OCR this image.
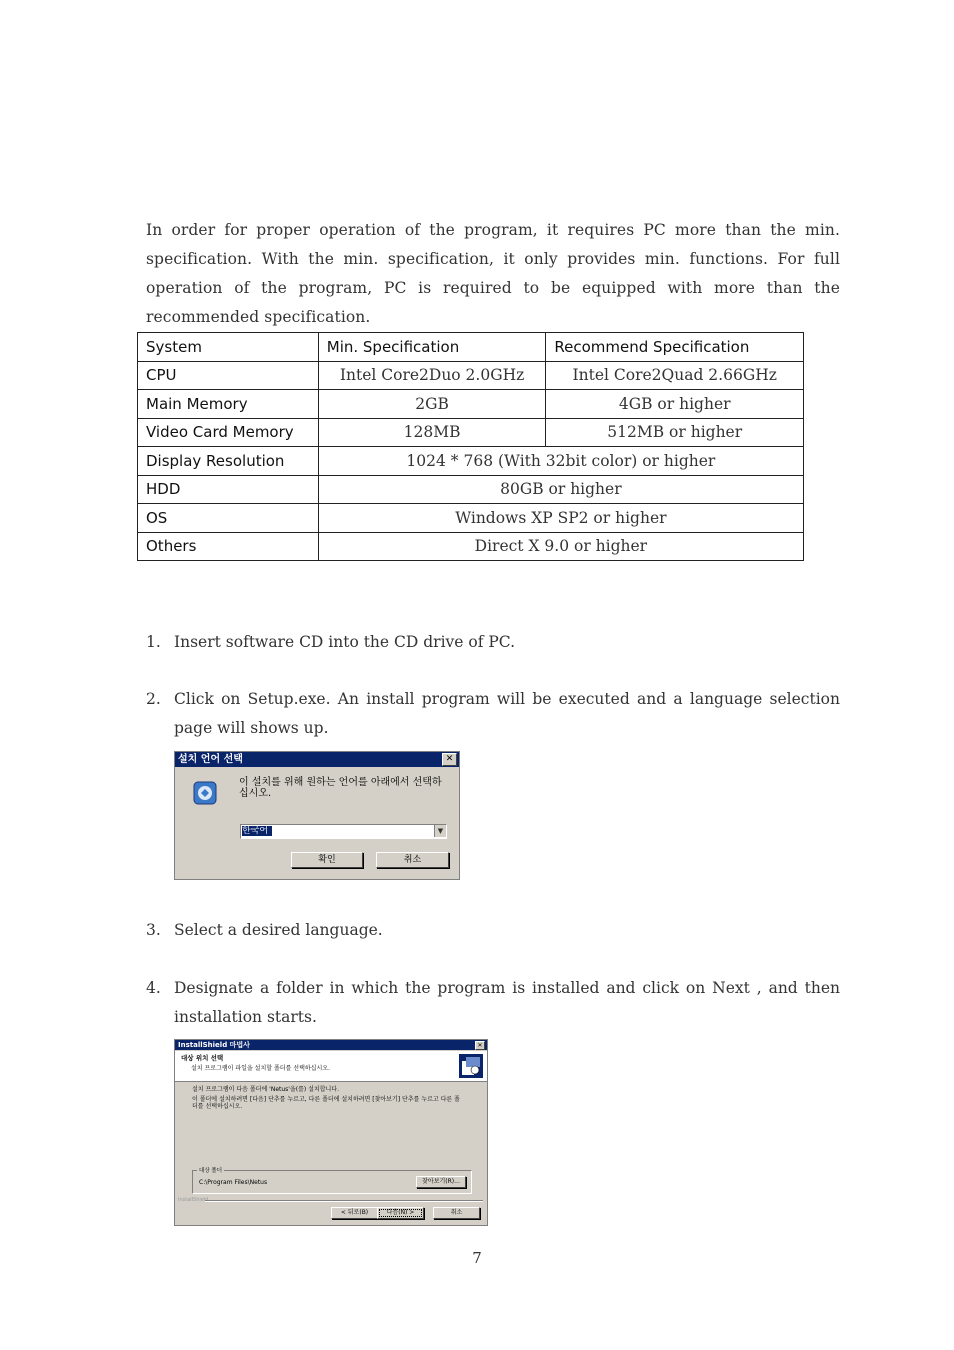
In order for proper operation of the program, it requires PC more than the min. specification. With the min. specification, it only provides min. functions. For full operation of the program, PC is required to be equipped with more than the recommended specification.
System	Min. Specification	Recommend Specification
CPU	Intel Core2Duo 2.0GHz	Intel Core2Quad 2.66GHz
Main Memory	2GB	4GB or higher
Video Card Memory	128MB	512MB or higher
Display Resolution	1024 * 768 (With 32bit color) or higher	
HDD	80GB or higher	
OS	Windows XP SP2 or higher	
Others	Direct X 9.0 or higher	
1. Insert software CD into the CD drive of PC.
2. Click on Setup.exe. An install program will be executed and a language selection page will shows up.
설치 언어 선택	✕
이 설치를 위해 원하는 언어를 아래에서 선택하십시오.
한국어	▼
확인	취소
3. Select a desired language.
4. Designate a folder in which the program is installed and click on Next , and then installation starts.
InstallShield 마법사	✕
대상 위치 선택
설치 프로그램이 파일을 설치할 폴더를 선택하십시오.
설치 프로그램이 다음 폴더에 'Netus'을(를) 설치합니다.
이 폴더에 설치하려면 [다음] 단추를 누르고, 다른 폴더에 설치하려면 [찾아보기] 단추를 누르고 다른 폴더를 선택하십시오.
대상 폴더
C:\Program Files\Netus	찾아보기(R)...
InstallShield
< 뒤로(B)	다음(N) >	취소
7
